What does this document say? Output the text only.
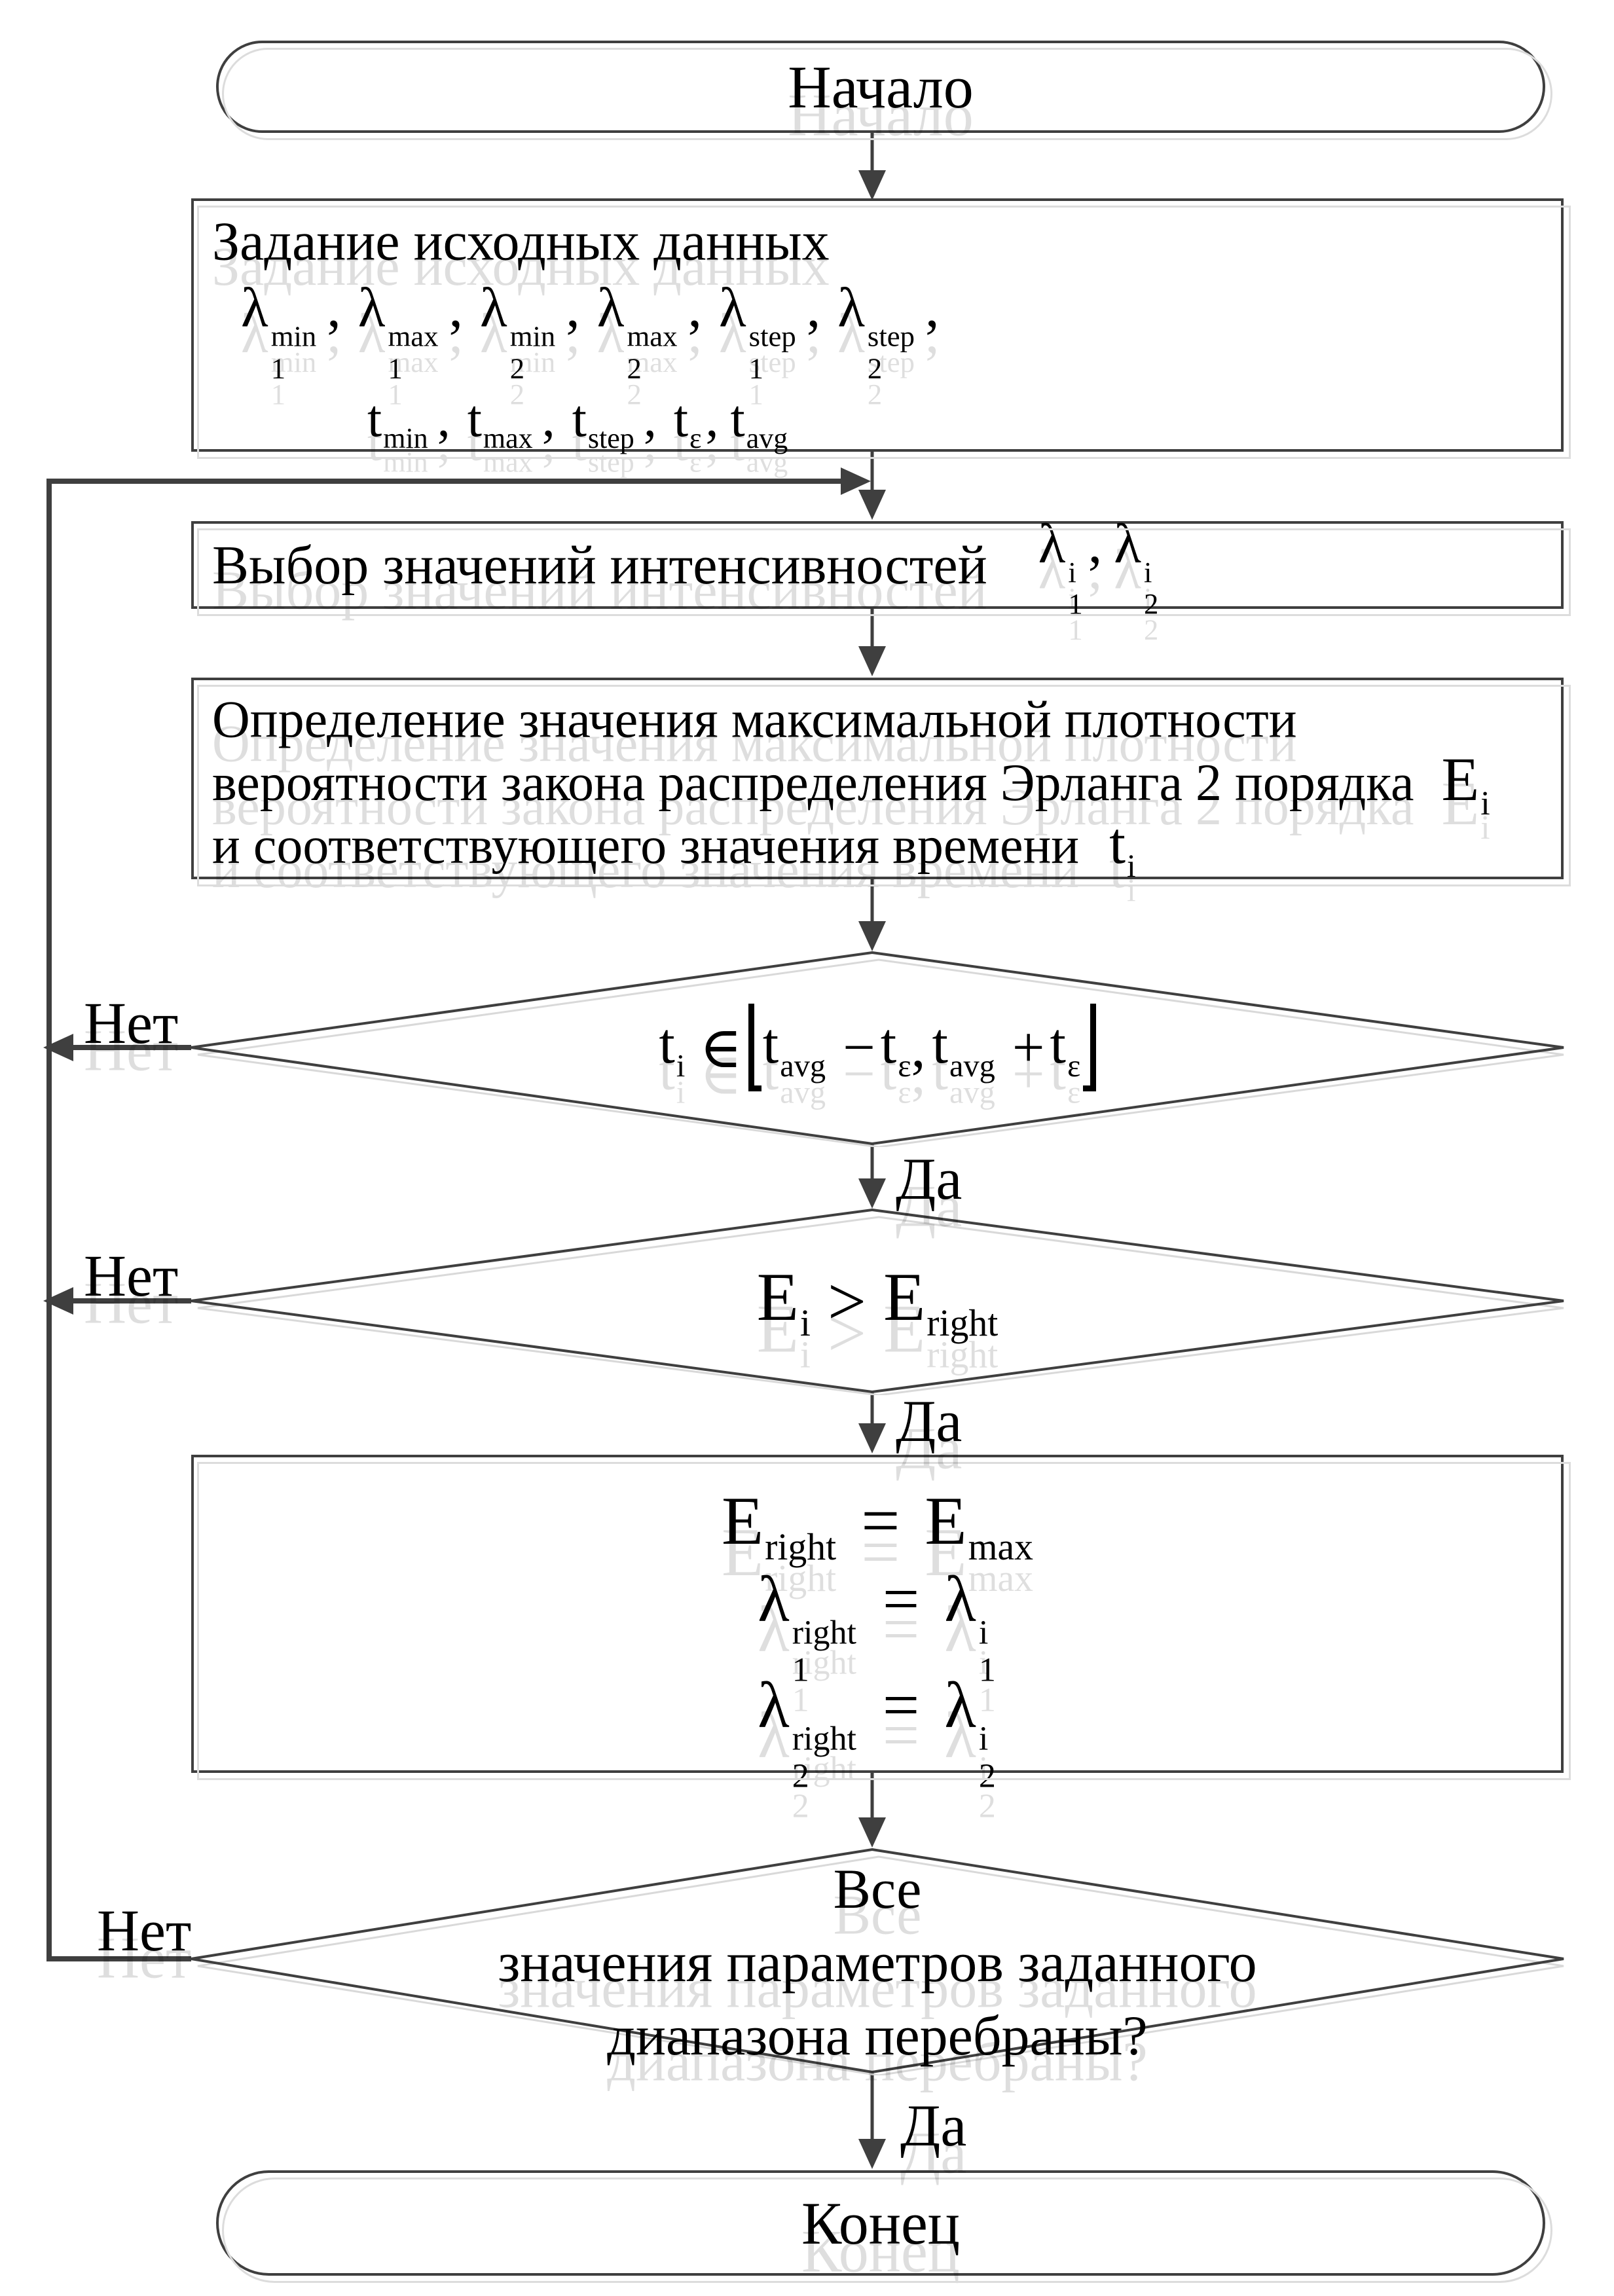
Начало
Задание исходных данных
λ min
1
, λ max
1
, λ min
2
, λ max
2
, λ step
1
, λ step
2
,
$t_{min}$ , $t_{max}$ , $t_{step}$ , $t_\varepsilon$, $t_{avg}$
Выбор значений интенсивностей λ i
1
, λ i
2
Определение значения максимальной плотности
вероятности закона распределения Эрланга 2 порядка $E_i$
и соответствующего значения времени $t_i$
$t_i$ ∈ $t_{avg} - t_\varepsilon$ , $t_{avg} + t_\varepsilon$
$E_i > E_{right}$
$E_{right} = E_{max}$
λ right
1
= λ i
1
λ right
2
= λ i
2
Все
значения параметров заданного
диапазона перебраны?
Конец
Нет
Нет
Нет
Да
Да
Да
